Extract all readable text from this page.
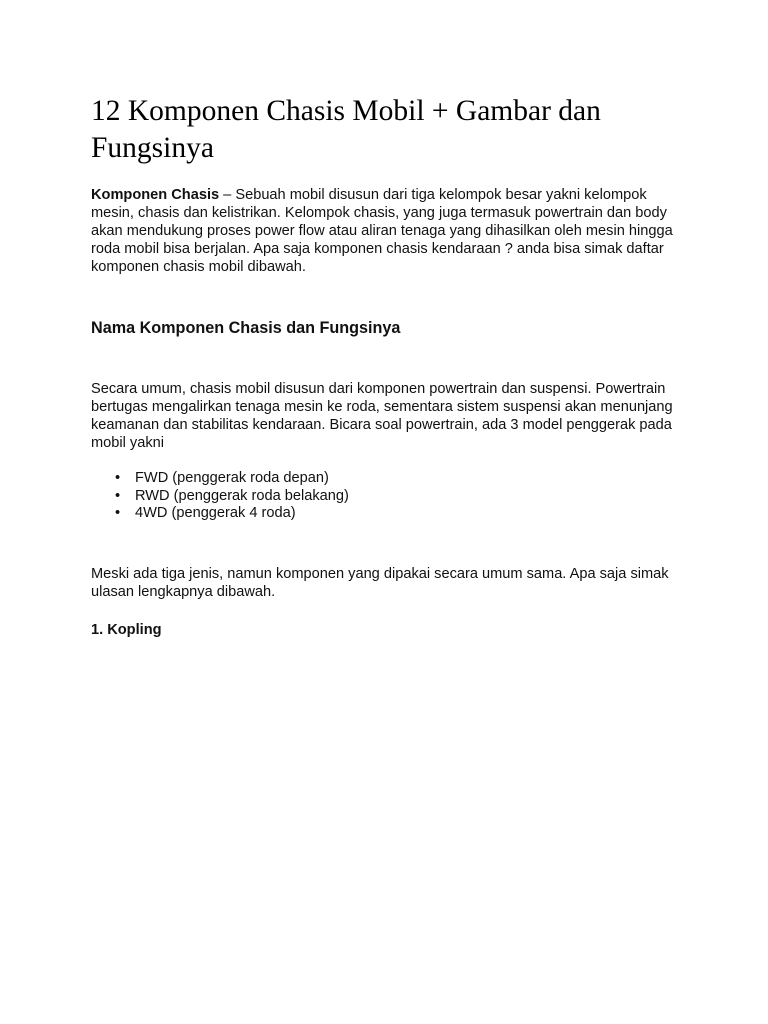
12 Komponen Chasis Mobil + Gambar dan Fungsinya

Komponen Chasis – Sebuah mobil disusun dari tiga kelompok besar yakni kelompok mesin, chasis dan kelistrikan. Kelompok chasis, yang juga termasuk powertrain dan body akan mendukung proses power flow atau aliran tenaga yang dihasilkan oleh mesin hingga roda mobil bisa berjalan. Apa saja komponen chasis kendaraan ? anda bisa simak daftar komponen chasis mobil dibawah.

Nama Komponen Chasis dan Fungsinya

Secara umum, chasis mobil disusun dari komponen powertrain dan suspensi. Powertrain bertugas mengalirkan tenaga mesin ke roda, sementara sistem suspensi akan menunjang keamanan dan stabilitas kendaraan. Bicara soal powertrain, ada 3 model penggerak pada mobil yakni

• FWD (penggerak roda depan)
• RWD (penggerak roda belakang)
• 4WD (penggerak 4 roda)

Meski ada tiga jenis, namun komponen yang dipakai secara umum sama. Apa saja simak ulasan lengkapnya dibawah.

1. Kopling
